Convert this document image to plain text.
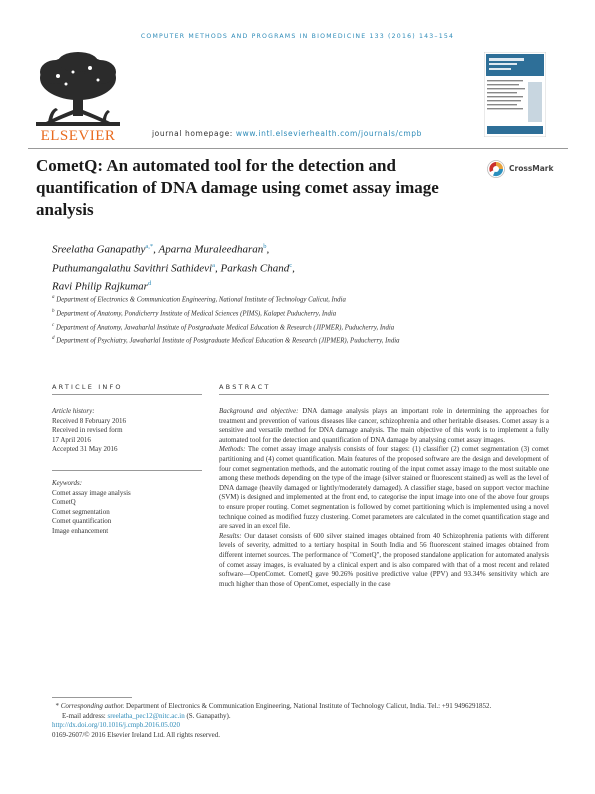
COMPUTER METHODS AND PROGRAMS IN BIOMEDICINE 133 (2016) 143–154
ELSEVIER	journal homepage: www.intl.elsevierhealth.com/journals/cmpb
CometQ: An automated tool for the detection and quantification of DNA damage using comet assay image analysis
CrossMark
Sreelatha Ganapathy$^{a,*}$, Aparna Muraleedharan$^b$,
Puthumangalathu Savithri Sathidevi$^a$, Parkash Chand$^c$,
Ravi Philip Rajkumar$^d$
$^a$ Department of Electronics & Communication Engineering, National Institute of Technology Calicut, India
$^b$ Department of Anatomy, Pondicherry Institute of Medical Sciences (PIMS), Kalapet Puducherry, India
$^c$ Department of Anatomy, Jawaharlal Institute of Postgraduate Medical Education & Research (JIPMER), Puducherry, India
$^d$ Department of Psychiatry, Jawaharlal Institute of Postgraduate Medical Education & Research (JIPMER), Puducherry, India
ARTICLE INFO
Article history:
Received 8 February 2016
Received in revised form
17 April 2016
Accepted 31 May 2016
Keywords:
Comet assay image analysis
CometQ
Comet segmentation
Comet quantification
Image enhancement
ABSTRACT

Background and objective: DNA damage analysis plays an important role in determining the approaches for treatment and prevention of various diseases like cancer, schizophrenia and other heritable diseases. Comet assay is a sensitive and versatile method for DNA damage analysis. The main objective of this work is to implement a fully automated tool for the detection and quantification of DNA damage by analysing comet assay images.

Methods: The comet assay image analysis consists of four stages: (1) classifier (2) comet segmentation (3) comet partitioning and (4) comet quantification. Main features of the proposed software are the design and development of four comet segmentation methods, and the automatic routing of the input comet assay image to the most suitable one among these methods depending on the type of the image (silver stained or fluorescent stained) as well as the level of DNA damage (heavily damaged or lightly/moderately damaged). A classifier stage, based on support vector machine (SVM) is designed and implemented at the front end, to categorise the input image into one of the above four groups to ensure proper routing. Comet segmentation is followed by comet partitioning which is implemented using a novel technique coined as modified fuzzy clustering. Comet parameters are calculated in the comet quantification stage and are saved in an excel file.

Results: Our dataset consists of 600 silver stained images obtained from 40 Schizophrenia patients with different levels of severity, admitted to a tertiary hospital in South India and 56 fluorescent stained images obtained from different internet sources. The performance of "CometQ", the proposed standalone application for automated analysis of comet assay images, is evaluated by a clinical expert and is also compared with that of a most recent and related software—OpenComet. CometQ gave 90.26% positive predictive value (PPV) and 93.34% sensitivity which are much higher than those of OpenComet, especially in the case

* Corresponding author. Department of Electronics & Communication Engineering, National Institute of Technology Calicut, India. Tel.: +91 9496291852.
E-mail address: sreelatha_pec12@nitc.ac.in (S. Ganapathy).
http://dx.doi.org/10.1016/j.cmpb.2016.05.020
0169-2607/© 2016 Elsevier Ireland Ltd. All rights reserved.
